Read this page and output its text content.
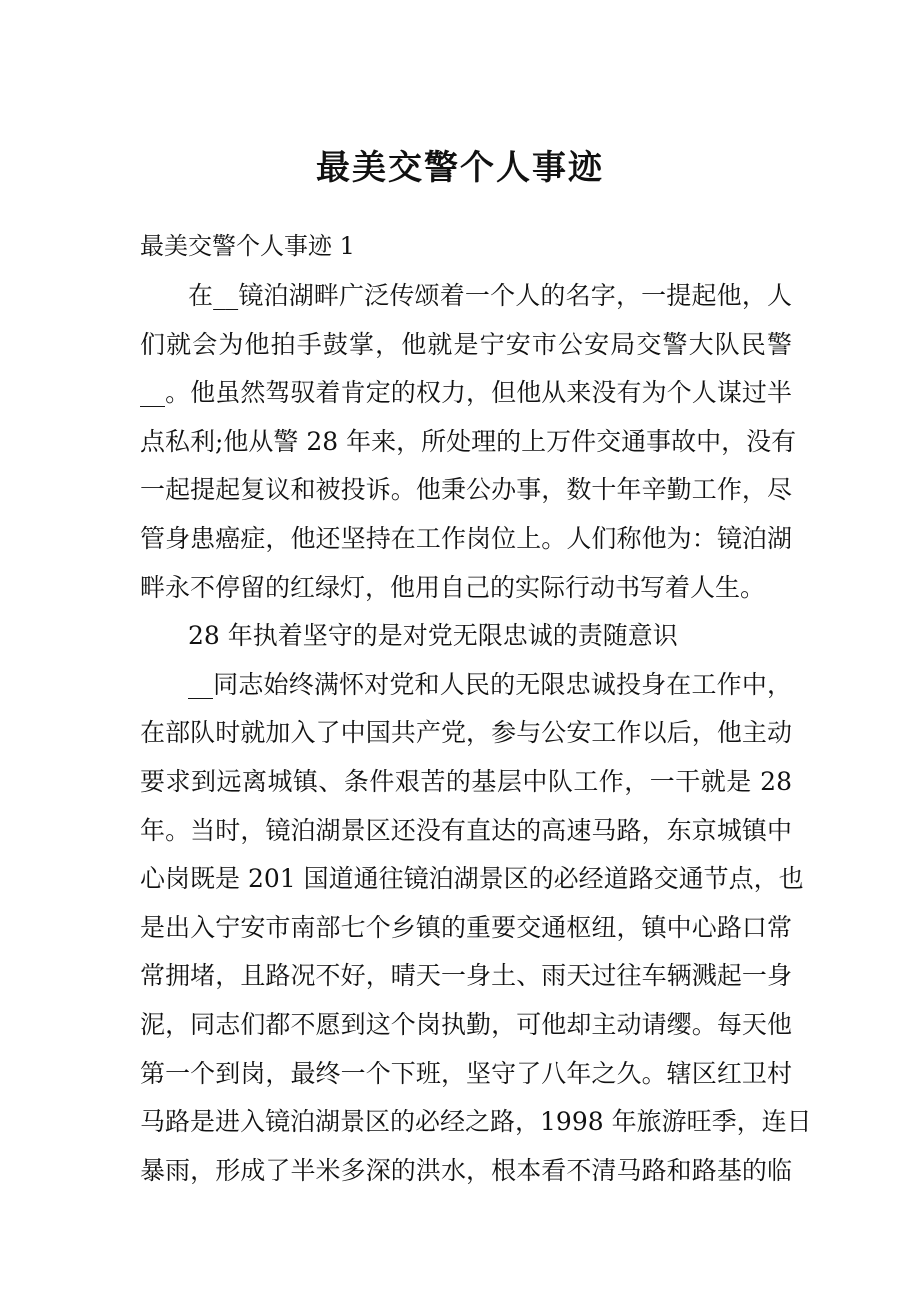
最美交警个人事迹
最美交警个人事迹 1
在__镜泊湖畔广泛传颂着一个人的名字，一提起他，人
们就会为他拍手鼓掌，他就是宁安市公安局交警大队民警
__。他虽然驾驭着肯定的权力，但他从来没有为个人谋过半
点私利;他从警 28 年来，所处理的上万件交通事故中，没有
一起提起复议和被投诉。他秉公办事，数十年辛勤工作，尽
管身患癌症，他还坚持在工作岗位上。人们称他为：镜泊湖
畔永不停留的红绿灯，他用自己的实际行动书写着人生。
28 年执着坚守的是对党无限忠诚的责随意识
__同志始终满怀对党和人民的无限忠诚投身在工作中，
在部队时就加入了中国共产党，参与公安工作以后，他主动
要求到远离城镇、条件艰苦的基层中队工作，一干就是 28
年。当时，镜泊湖景区还没有直达的高速马路，东京城镇中
心岗既是 201 国道通往镜泊湖景区的必经道路交通节点，也
是出入宁安市南部七个乡镇的重要交通枢纽，镇中心路口常
常拥堵，且路况不好，晴天一身土、雨天过往车辆溅起一身
泥，同志们都不愿到这个岗执勤，可他却主动请缨。每天他
第一个到岗，最终一个下班，坚守了八年之久。辖区红卫村
马路是进入镜泊湖景区的必经之路，1998 年旅游旺季，连日
暴雨，形成了半米多深的洪水，根本看不清马路和路基的临
